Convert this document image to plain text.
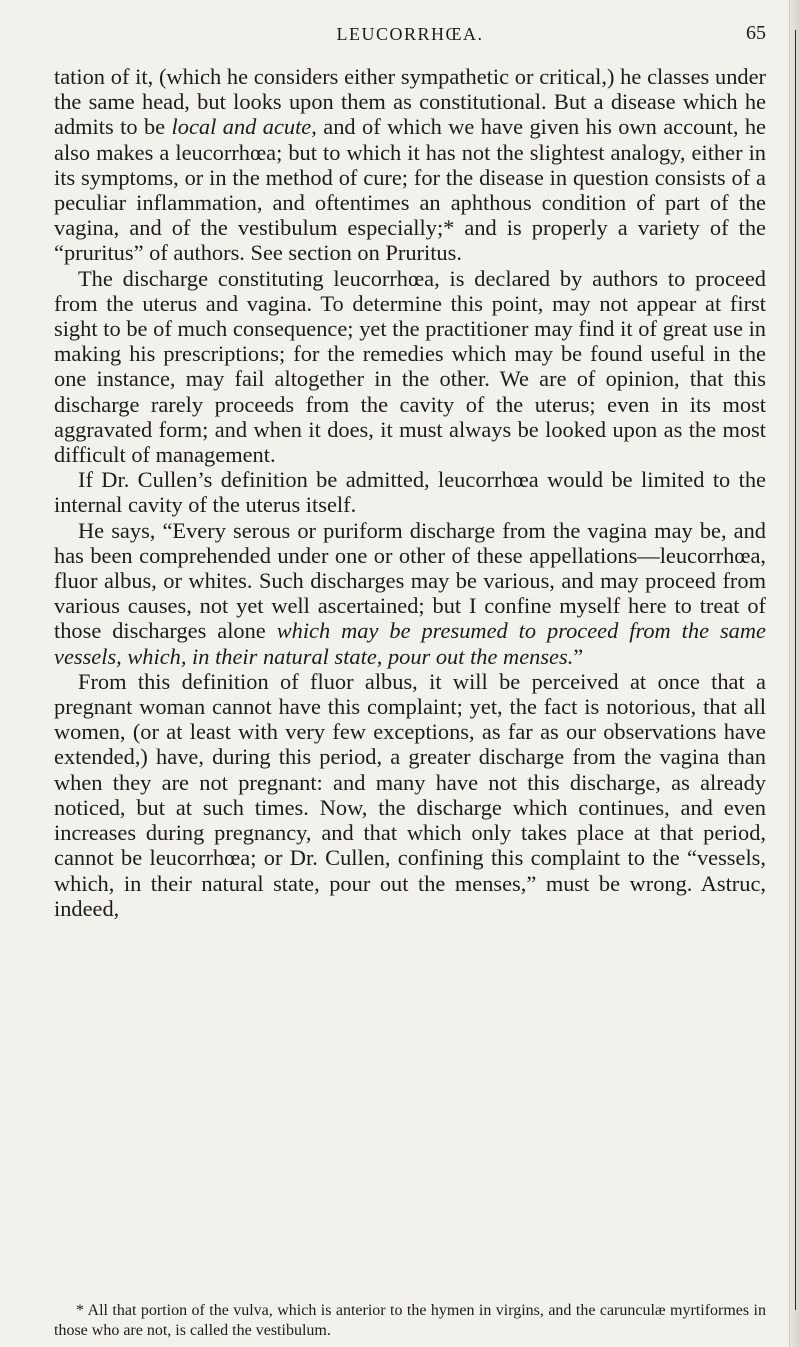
LEUCORRHŒA.	65

tation of it, (which he considers either sympathetic or critical,) he classes under the same head, but looks upon them as constitutional. But a disease which he admits to be local and acute, and of which we have given his own account, he also makes a leucorrhœa; but to which it has not the slightest analogy, either in its symptoms, or in the method of cure; for the disease in question consists of a peculiar inflammation, and oftentimes an aphthous condition of part of the vagina, and of the vestibulum especially;* and is properly a variety of the “pruritus” of authors. See section on Pruritus.

The discharge constituting leucorrhœa, is declared by authors to proceed from the uterus and vagina. To determine this point, may not appear at first sight to be of much consequence; yet the practitioner may find it of great use in making his prescriptions; for the remedies which may be found useful in the one instance, may fail altogether in the other. We are of opinion, that this discharge rarely proceeds from the cavity of the uterus; even in its most aggravated form; and when it does, it must always be looked upon as the most difficult of management.

If Dr. Cullen’s definition be admitted, leucorrhœa would be limited to the internal cavity of the uterus itself.

He says, “Every serous or puriform discharge from the vagina may be, and has been comprehended under one or other of these appellations—leucorrhœa, fluor albus, or whites. Such discharges may be various, and may proceed from various causes, not yet well ascertained; but I confine myself here to treat of those discharges alone which may be presumed to proceed from the same vessels, which, in their natural state, pour out the menses.”

From this definition of fluor albus, it will be perceived at once that a pregnant woman cannot have this complaint; yet, the fact is notorious, that all women, (or at least with very few exceptions, as far as our observations have extended,) have, during this period, a greater discharge from the vagina than when they are not pregnant: and many have not this discharge, as already noticed, but at such times. Now, the discharge which continues, and even increases during pregnancy, and that which only takes place at that period, cannot be leucorrhœa; or Dr. Cullen, confining this complaint to the “vessels, which, in their natural state, pour out the menses,” must be wrong. Astruc, indeed,

* All that portion of the vulva, which is anterior to the hymen in virgins, and the carunculæ myrtiformes in those who are not, is called the vestibulum.
